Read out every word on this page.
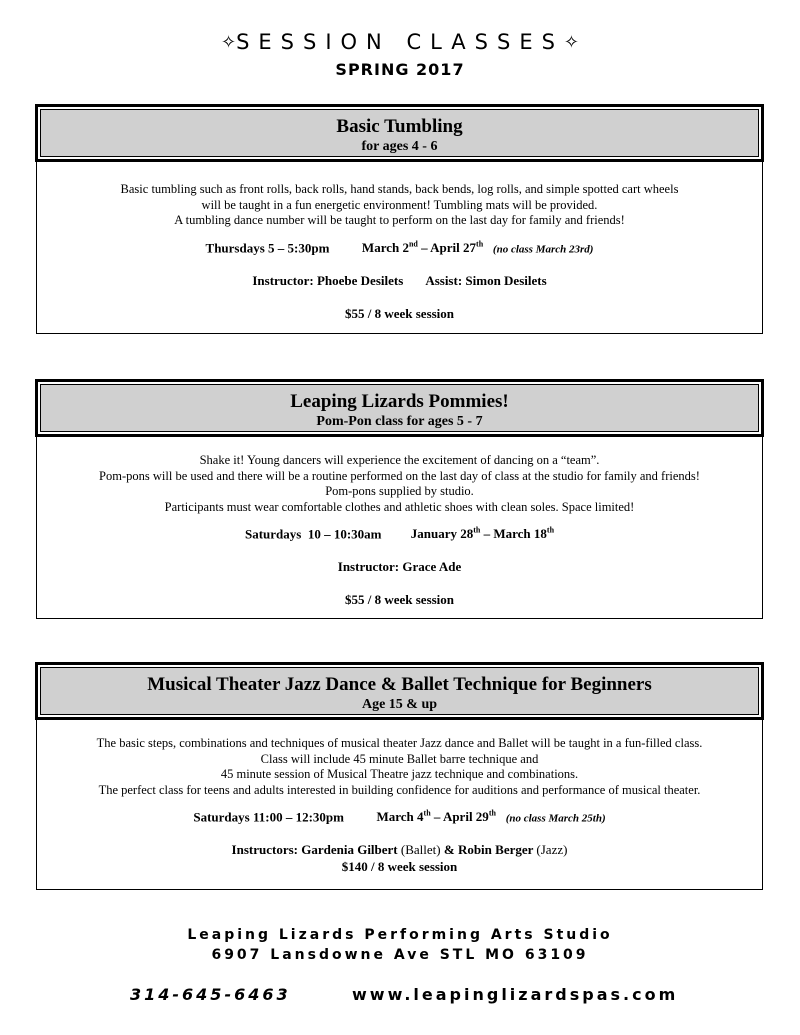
✧SESSION CLASSES✧
SPRING 2017
Basic Tumbling
for ages 4 - 6
Basic tumbling such as front rolls, back rolls, hand stands, back bends, log rolls, and simple spotted cart wheels
will be taught in a fun energetic environment! Tumbling mats will be provided.
A tumbling dance number will be taught to perform on the last day for family and friends!
Thursdays 5 – 5:30pm	March 2nd – April 27th (no class March 23rd)
Instructor: Phoebe Desilets Assist: Simon Desilets
$55 / 8 week session
Leaping Lizards Pommies!
Pom-Pon class for ages 5 - 7
Shake it! Young dancers will experience the excitement of dancing on a “team”.
Pom-pons will be used and there will be a routine performed on the last day of class at the studio for family and friends!
Pom-pons supplied by studio.
Participants must wear comfortable clothes and athletic shoes with clean soles. Space limited!
Saturdays  10 – 10:30am January 28th – March 18th
Instructor: Grace Ade
$55 / 8 week session
Musical Theater Jazz Dance & Ballet Technique for Beginners
Age 15 & up
The basic steps, combinations and techniques of musical theater Jazz dance and Ballet will be taught in a fun-filled class.
Class will include 45 minute Ballet barre technique and
45 minute session of Musical Theatre jazz technique and combinations.
The perfect class for teens and adults interested in building confidence for auditions and performance of musical theater.
Saturdays 11:00 – 12:30pm	March 4th – April 29th (no class March 25th)
Instructors: Gardenia Gilbert (Ballet) & Robin Berger (Jazz)
$140 / 8 week session
Leaping Lizards Performing Arts Studio
6907 Lansdowne Ave STL MO 63109
314-645-6463	www.leapinglizardspas.com
